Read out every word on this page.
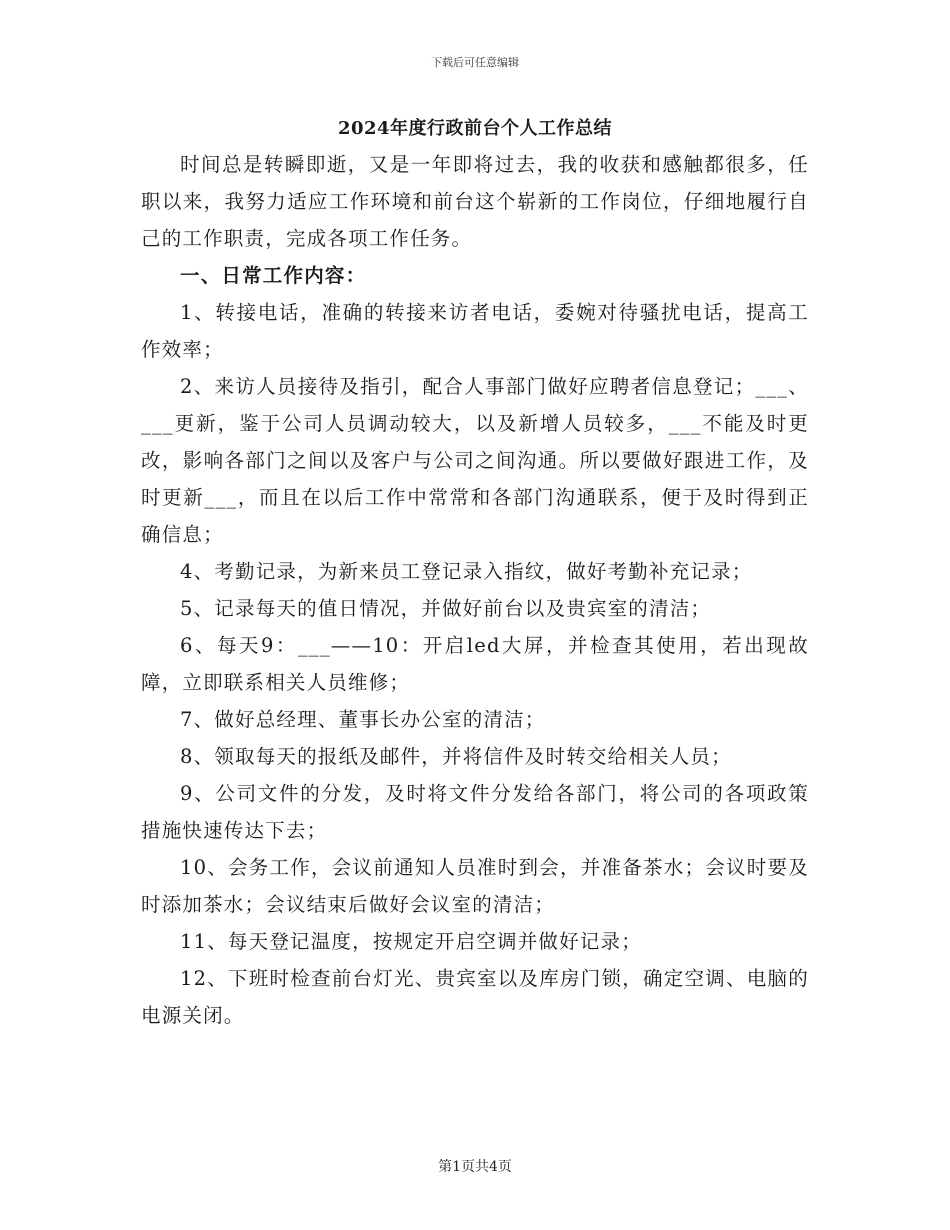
下载后可任意编辑
2024年度行政前台个人工作总结

时间总是转瞬即逝，又是一年即将过去，我的收获和感触都很多，任职以来，我努力适应工作环境和前台这个崭新的工作岗位，仔细地履行自己的工作职责，完成各项工作任务。

一、日常工作内容：

1、转接电话，准确的转接来访者电话，委婉对待骚扰电话，提高工作效率；

2、来访人员接待及指引，配合人事部门做好应聘者信息登记；___、___更新，鉴于公司人员调动较大，以及新增人员较多，___不能及时更改，影响各部门之间以及客户与公司之间沟通。所以要做好跟进工作，及时更新___，而且在以后工作中常常和各部门沟通联系，便于及时得到正确信息；

4、考勤记录，为新来员工登记录入指纹，做好考勤补充记录；

5、记录每天的值日情况，并做好前台以及贵宾室的清洁；

6、每天9：___——10：开启led大屏，并检查其使用，若出现故障，立即联系相关人员维修；

7、做好总经理、董事长办公室的清洁；

8、领取每天的报纸及邮件，并将信件及时转交给相关人员；

9、公司文件的分发，及时将文件分发给各部门，将公司的各项政策措施快速传达下去；

10、会务工作，会议前通知人员准时到会，并准备茶水；会议时要及时添加茶水；会议结束后做好会议室的清洁；

11、每天登记温度，按规定开启空调并做好记录；

12、下班时检查前台灯光、贵宾室以及库房门锁，确定空调、电脑的电源关闭。

第1页共4页
